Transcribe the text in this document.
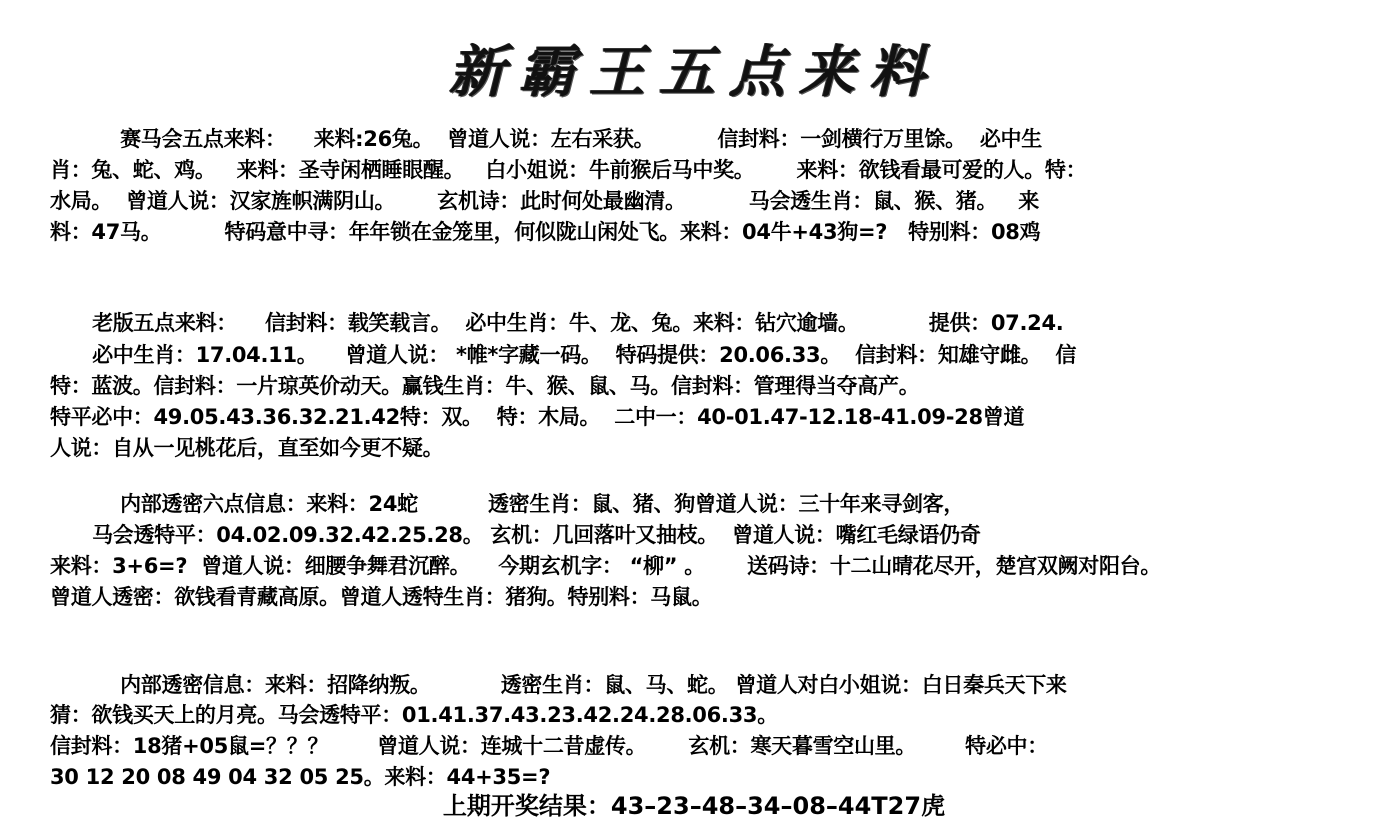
新霸王五点来料
赛马会五点来料：    来料:26兔。  曾道人说：左右采获。         信封料：一剑横行万里馀。  必中生
肖：兔、蛇、鸡。   来料：圣寺闲栖睡眼醒。   白小姐说：牛前猴后马中奖。      来料：欲钱看最可爱的人。特：
水局。  曾道人说：汉家旌帜满阴山。      玄机诗：此时何处最幽清。         马会透生肖：鼠、猴、猪。   来
料：47马。         特码意中寻：年年锁在金笼里，何似陇山闲处飞。来料：04牛+43狗=?   特别料：08鸡
老版五点来料：    信封料：载笑载言。  必中生肖：牛、龙、兔。来料：钻穴逾墙。          提供：07.24.
必中生肖：17.04.11。    曾道人说： *帷*字藏一码。  特码提供：20.06.33。  信封料：知雄守雌。  信
特：蓝波。信封料：一片琼英价动天。赢钱生肖：牛、猴、鼠、马。信封料：管理得当夺高产。
特平必中：49.05.43.36.32.21.42特：双。  特：木局。  二中一：40-01.47-12.18-41.09-28曾道
人说：自从一见桃花后，直至如今更不疑。
内部透密六点信息：来料：24蛇          透密生肖：鼠、猪、狗曾道人说：三十年来寻剑客，
马会透特平：04.02.09.32.42.25.28。 玄机：几回落叶又抽枝。  曾道人说：嘴红毛绿语仍奇
来料：3+6=?  曾道人说：细腰争舞君沉醉。    今期玄机字： “柳” 。      送码诗：十二山晴花尽开，楚宫双阙对阳台。
曾道人透密：欲钱看青藏高原。曾道人透特生肖：猪狗。特别料：马鼠。
内部透密信息：来料：招降纳叛。          透密生肖：鼠、马、蛇。 曾道人对白小姐说：白日秦兵天下来
猜：欲钱买天上的月亮。马会透特平：01.41.37.43.23.42.24.28.06.33。
信封料：18猪+05鼠=？？？       曾道人说：连城十二昔虚传。      玄机：寒天暮雪空山里。       特必中：
30 12 20 08 49 04 32 05 25。来料：44+35=?
上期开奖结果：43–23–48–34–08–44T27虎
